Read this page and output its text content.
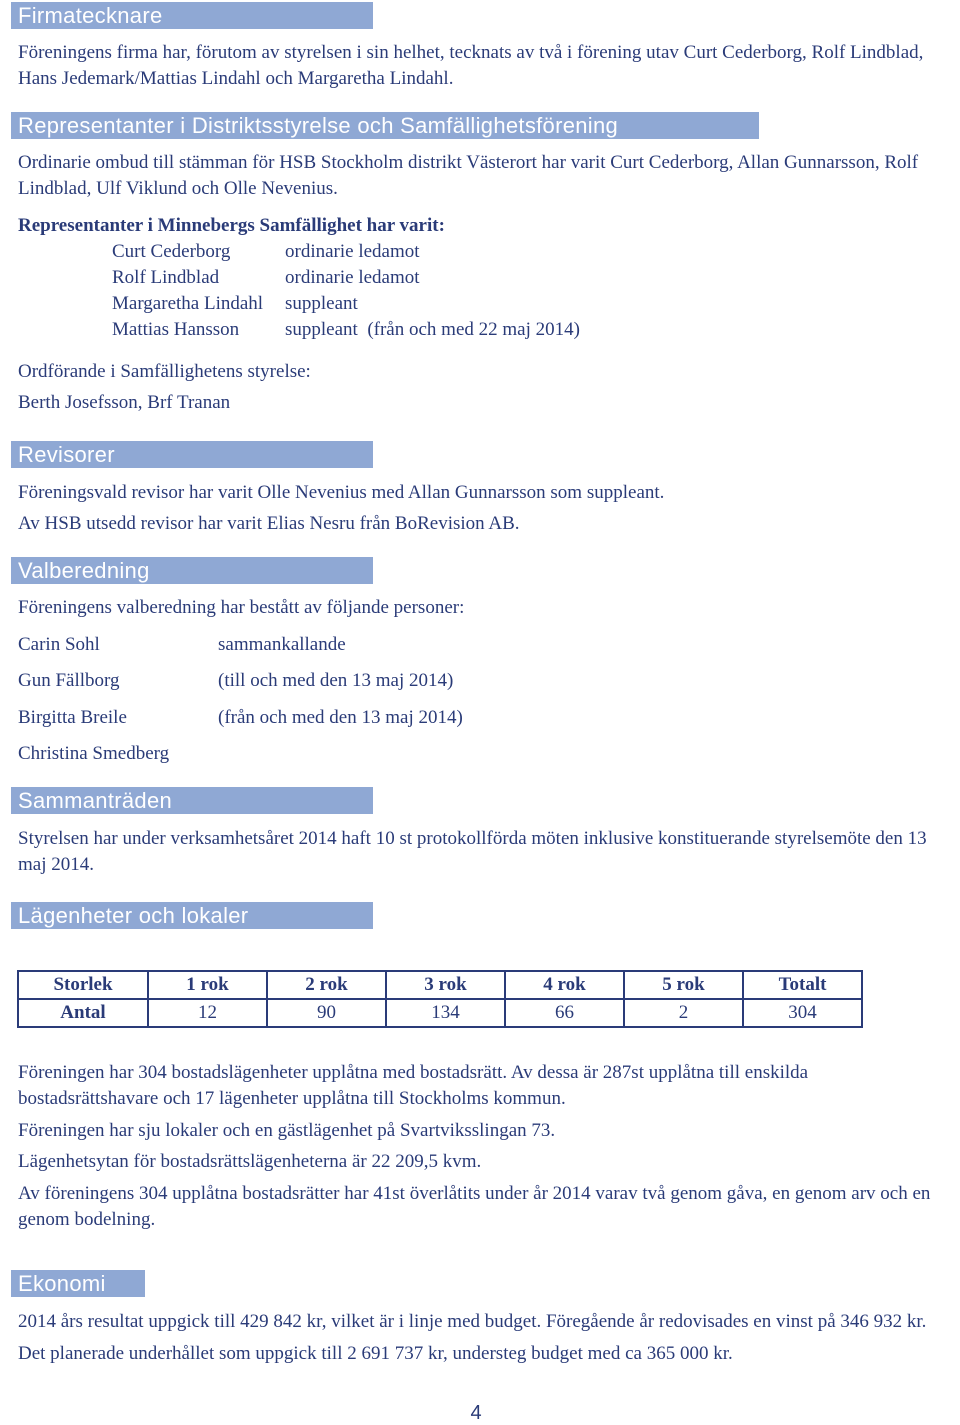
Firmatecknare

Föreningens firma har, förutom av styrelsen i sin helhet, tecknats av två i förening utav Curt Cederborg, Rolf Lindblad, Hans Jedemark/Mattias Lindahl och Margaretha Lindahl.

Representanter i Distriktsstyrelse och Samfällighetsförening

Ordinarie ombud till stämman för HSB Stockholm distrikt Västerort har varit Curt Cederborg, Allan Gunnarsson, Rolf Lindblad, Ulf Viklund och Olle Nevenius.

Representanter i Minnebergs Samfällighet har varit:

Curt Cederborg	ordinarie ledamot
Rolf Lindblad	ordinarie ledamot
Margaretha Lindahl suppleant
Mattias Hansson suppleant  (från och med 22 maj 2014)

Ordförande i Samfällighetens styrelse:

Berth Josefsson, Brf Tranan

Revisorer

Föreningsvald revisor har varit Olle Nevenius med Allan Gunnarsson som suppleant.

Av HSB utsedd revisor har varit Elias Nesru från BoRevision AB.

Valberedning

Föreningens valberedning har bestått av följande personer:

Carin Sohl	sammankallande
Gun Fällborg	(till och med den 13 maj 2014)
Birgitta Breile	(från och med den 13 maj 2014)
Christina Smedberg
Sammanträden

Styrelsen har under verksamhetsåret 2014 haft 10 st protokollförda möten inklusive konstituerande styrelsemöte den 13 maj 2014.

Lägenheter och lokaler
Storlek	1 rok	2 rok	3 rok	4 rok	5 rok	Totalt
Antal	12	90	134	66	2	304

Föreningen har 304 bostadslägenheter upplåtna med bostadsrätt. Av dessa är 287st upplåtna till enskilda bostadsrättshavare och 17 lägenheter upplåtna till Stockholms kommun.

Föreningen har sju lokaler och en gästlägenhet på Svartviksslingan 73.

Lägenhetsytan för bostadsrättslägenheterna är 22 209,5 kvm.

Av föreningens 304 upplåtna bostadsrätter har 41st överlåtits under år 2014 varav två genom gåva, en genom arv och en genom bodelning.

Ekonomi

2014 års resultat uppgick till 429 842 kr, vilket är i linje med budget. Föregående år redovisades en vinst på 346 932 kr.

Det planerade underhållet som uppgick till 2 691 737 kr, understeg budget med ca 365 000 kr.

4
